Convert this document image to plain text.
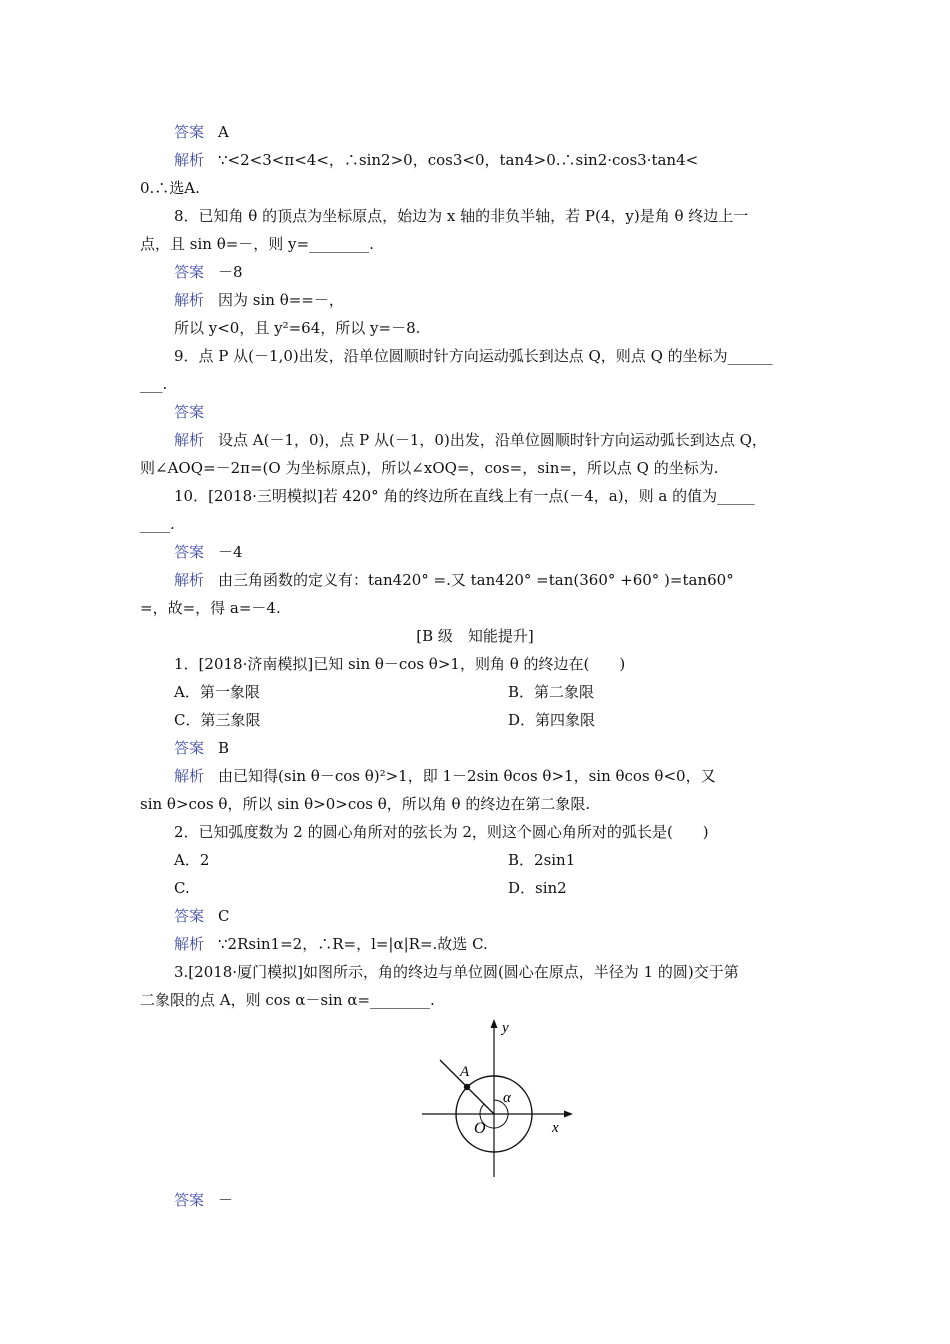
答案 A
解析 ∵<2<3<π<4<，∴sin2>0，cos3<0，tan4>0.∴sin2·cos3·tan4<
0.∴选A.
8．已知角 θ 的顶点为坐标原点，始边为 x 轴的非负半轴，若 P(4，y)是角 θ 终边上一
点，且 sin θ=－，则 y=________.
答案 －8
解析 因为 sin θ==－，
所以 y<0，且 y²=64，所以 y=－8.
9．点 P 从(－1,0)出发，沿单位圆顺时针方向运动弧长到达点 Q，则点 Q 的坐标为______
___.
答案
解析 设点 A(－1，0)，点 P 从(－1，0)出发，沿单位圆顺时针方向运动弧长到达点 Q，
则∠AOQ=－2π=(O 为坐标原点)，所以∠xOQ=，cos=，sin=，所以点 Q 的坐标为.
10．[2018·三明模拟]若 420° 角的终边所在直线上有一点(－4，a)，则 a 的值为_____
____.
答案 －4
解析 由三角函数的定义有：tan420° =.又 tan420° =tan(360° +60° )=tan60°
=，故=，得 a=－4.
[B 级　知能提升]
1．[2018·济南模拟]已知 sin θ－cos θ>1，则角 θ 的终边在(　　)
A．第一象限	B．第二象限
C．第三象限	D．第四象限
答案 B
解析 由已知得(sin θ－cos θ)²>1，即 1－2sin θcos θ>1，sin θcos θ<0，又
sin θ>cos θ，所以 sin θ>0>cos θ，所以角 θ 的终边在第二象限.
2．已知弧度数为 2 的圆心角所对的弦长为 2，则这个圆心角所对的弧长是(　　)
A．2	B．2sin1
C.	D．sin2
答案 C
解析 ∵2Rsin1=2，∴R=，l=|α|R=.故选 C.
3.[2018·厦门模拟]如图所示，角的终边与单位圆(圆心在原点，半径为 1 的圆)交于第
二象限的点 A，则 cos α－sin α=________.
A
α
O	x
y
答案 －
